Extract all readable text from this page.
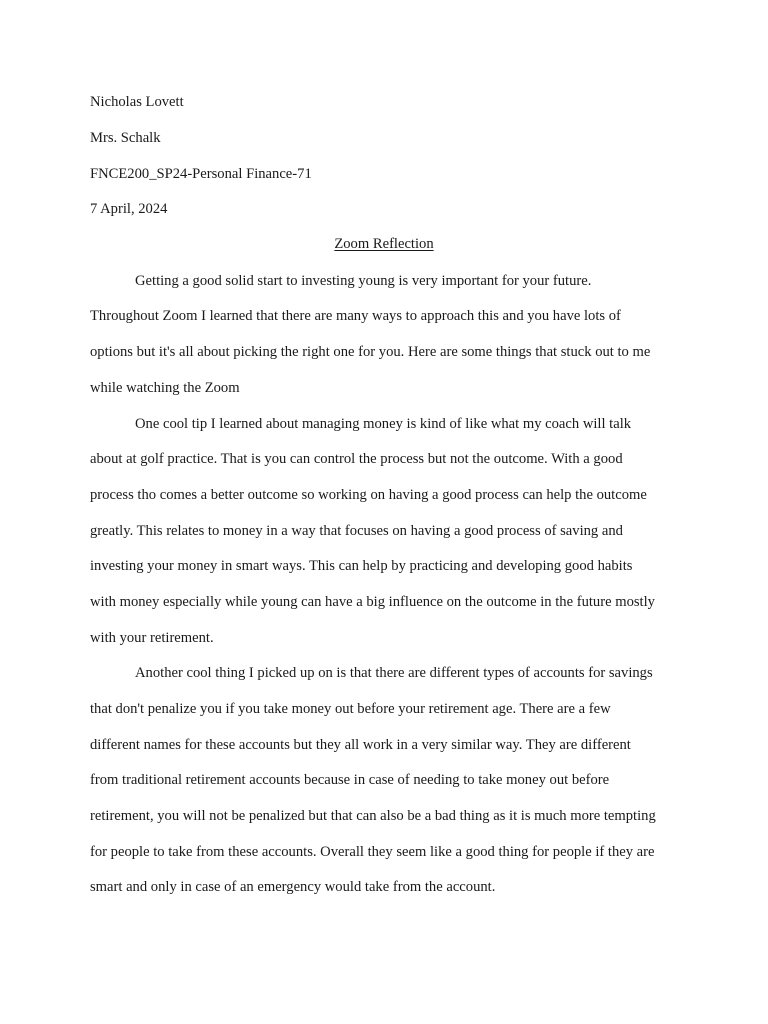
Nicholas Lovett
Mrs. Schalk
FNCE200_SP24-Personal Finance-71
7 April, 2024
Zoom Reflection
Getting a good solid start to investing young is very important for your future.
Throughout Zoom I learned that there are many ways to approach this and you have lots of
options but it's all about picking the right one for you. Here are some things that stuck out to me
while watching the Zoom
One cool tip I learned about managing money is kind of like what my coach will talk
about at golf practice. That is you can control the process but not the outcome. With a good
process tho comes a better outcome so working on having a good process can help the outcome
greatly. This relates to money in a way that focuses on having a good process of saving and
investing your money in smart ways. This can help by practicing and developing good habits
with money especially while young can have a big influence on the outcome in the future mostly
with your retirement.
Another cool thing I picked up on is that there are different types of accounts for savings
that don't penalize you if you take money out before your retirement age. There are a few
different names for these accounts but they all work in a very similar way. They are different
from traditional retirement accounts because in case of needing to take money out before
retirement, you will not be penalized but that can also be a bad thing as it is much more tempting
for people to take from these accounts. Overall they seem like a good thing for people if they are
smart and only in case of an emergency would take from the account.
